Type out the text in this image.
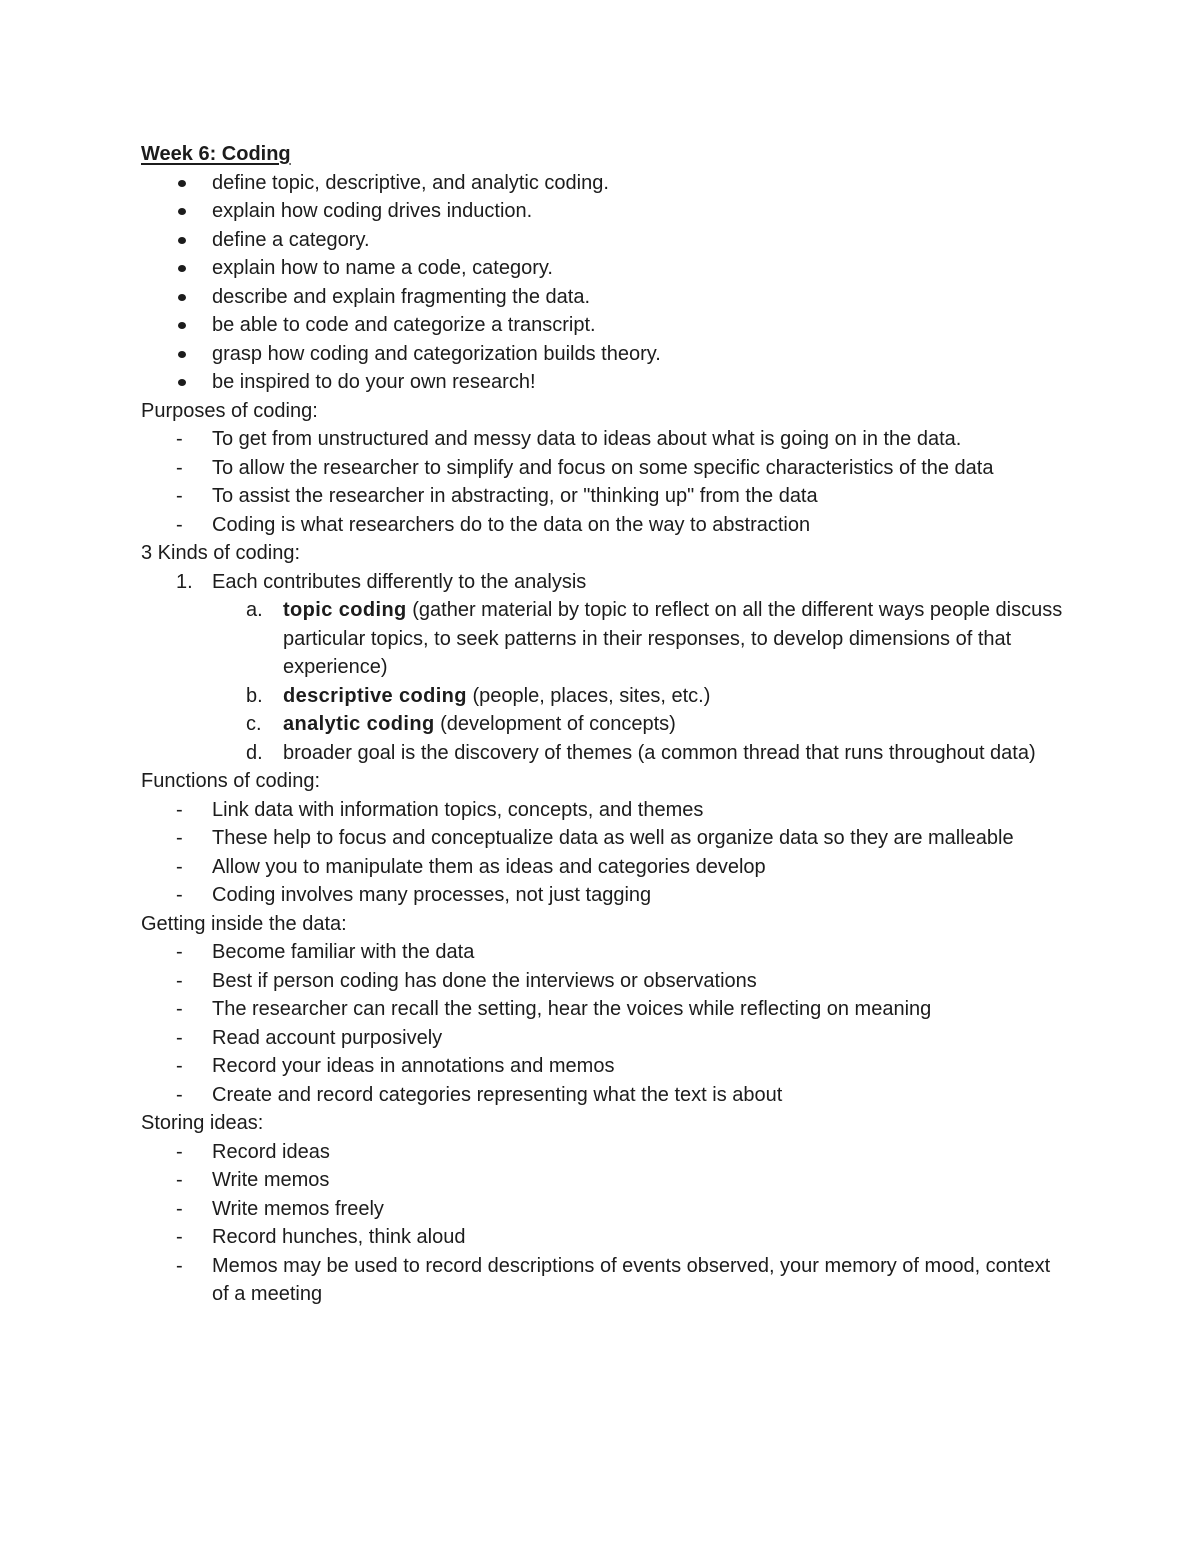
Week 6: Coding

define topic, descriptive, and analytic coding.
explain how coding drives induction.
define a category.
explain how to name a code, category.
describe and explain fragmenting the data.
be able to code and categorize a transcript.
grasp how coding and categorization builds theory.
be inspired to do your own research!

Purposes of coding:

- To get from unstructured and messy data to ideas about what is going on in the data.
- To allow the researcher to simplify and focus on some specific characteristics of the data
- To assist the researcher in abstracting, or "thinking up" from the data
- Coding is what researchers do to the data on the way to abstraction

3 Kinds of coding:

1. Each contributes differently to the analysis
a. topic coding (gather material by topic to reflect on all the different ways people discuss particular topics, to seek patterns in their responses, to develop dimensions of that experience)
b. descriptive coding (people, places, sites, etc.)
c. analytic coding (development of concepts)
d. broader goal is the discovery of themes (a common thread that runs throughout data)

Functions of coding:

- Link data with information topics, concepts, and themes
- These help to focus and conceptualize data as well as organize data so they are malleable
- Allow you to manipulate them as ideas and categories develop
- Coding involves many processes, not just tagging

Getting inside the data:

- Become familiar with the data
- Best if person coding has done the interviews or observations
- The researcher can recall the setting, hear the voices while reflecting on meaning
- Read account purposively
- Record your ideas in annotations and memos
- Create and record categories representing what the text is about

Storing ideas:

- Record ideas
- Write memos
- Write memos freely
- Record hunches, think aloud
- Memos may be used to record descriptions of events observed, your memory of mood, context of a meeting
